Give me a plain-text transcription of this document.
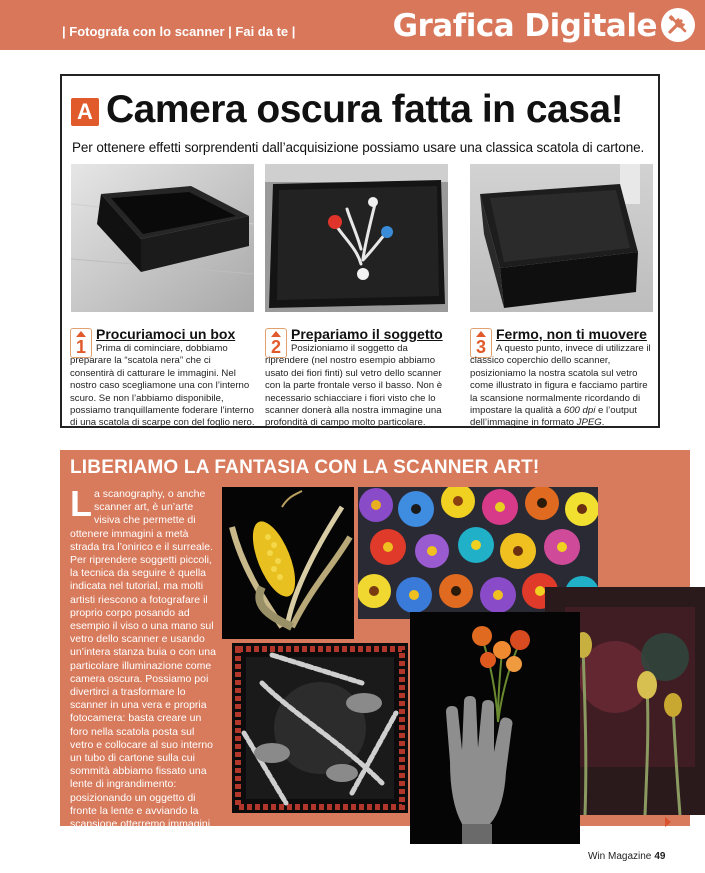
| Fotografa con lo scanner | Fai da te |	Grafica Digitale
A Camera oscura fatta in casa!
Per ottenere effetti sorprendenti dall’acquisizione possiamo usare una classica scatola di cartone.
1
Procuriamoci un box
Prima di cominciare, dobbiamo preparare la “scatola nera” che ci consentirà di catturare le immagini. Nel nostro caso scegliamone una con l’interno scuro. Se non l’abbiamo disponibile, possiamo tranquillamente foderare l’interno di una scatola di scarpe con del foglio nero.
2
Prepariamo il soggetto
Posizioniamo il soggetto da riprendere (nel nostro esempio abbiamo usato dei fiori finti) sul vetro dello scanner con la parte frontale verso il basso. Non è necessario schiacciare i fiori visto che lo scanner donerà alla nostra immagine una profondità di campo molto particolare.
3
Fermo, non ti muovere
A questo punto, invece di utilizzare il classico coperchio dello scanner, posizioniamo la nostra scatola sul vetro come illustrato in figura e facciamo partire la scansione normalmente ricordando di impostare la qualità a 600 dpi e l’output dell’immagine in formato JPEG.
LIBERIAMO LA FANTASIA CON LA SCANNER ART!
La scanography, o anche scanner art, è un’arte visiva che permette di ottenere immagini a metà strada tra l’onirico e il surreale. Per riprendere soggetti piccoli, la tecnica da seguire è quella indicata nel tutorial, ma molti artisti riescono a fotografare il proprio corpo posando ad esempio il viso o una mano sul vetro dello scanner e usando un’intera stanza buia o con una particolare illuminazione come camera oscura. Possiamo poi divertirci a trasformare lo scanner in una vera e propria fotocamera: basta creare un foro nella scatola posta sul vetro e collocare al suo interno un tubo di cartone sulla cui sommità abbiamo fissato una lente di ingrandimento: posizionando un oggetto di fronte la lente e avviando la scansione otterremo immagini davvero incredibili!
Win Magazine 49
